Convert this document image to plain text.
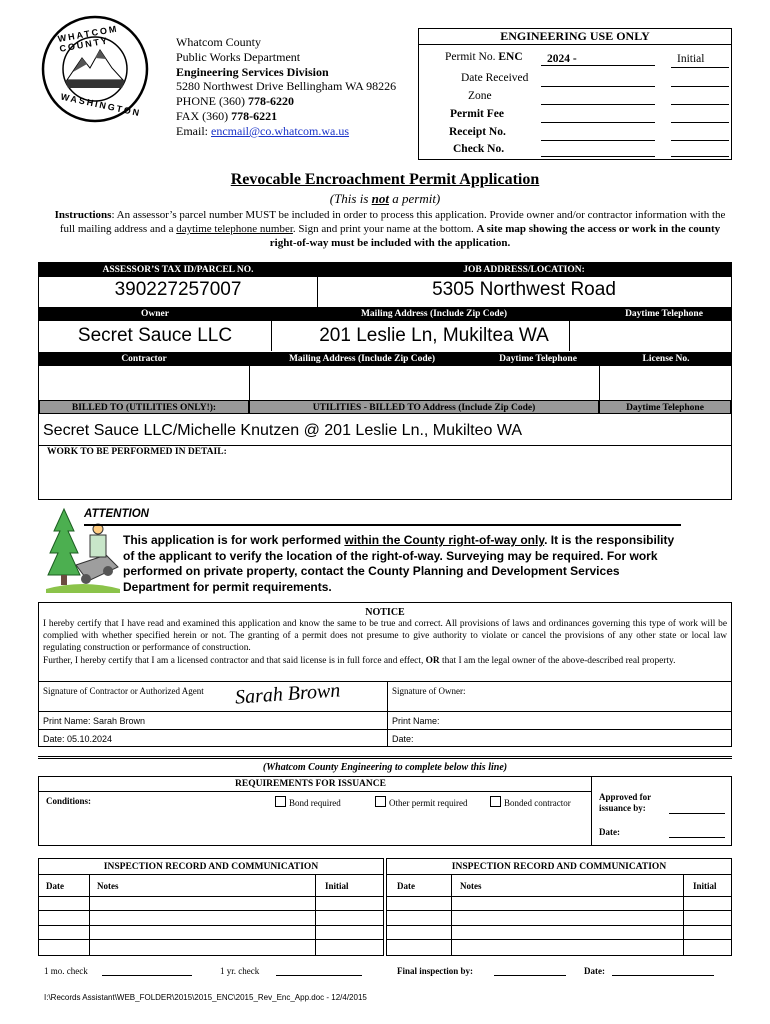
WHATCOM COUNTY
WASHINGTON
Whatcom County
Public Works Department
Engineering Services Division
5280 Northwest Drive Bellingham WA 98226
PHONE (360) 778-6220
FAX (360) 778-6221
Email: encmail@co.whatcom.wa.us
ENGINEERING USE ONLY
Permit No. ENC	2024 -	Initial
Date Received
Zone
Permit Fee
Receipt No.
Check No.
Revocable Encroachment Permit Application
(This is not a permit)
Instructions: An assessor’s parcel number MUST be included in order to process this application. Provide owner and/or contractor information with the full mailing address and a daytime telephone number. Sign and print your name at the bottom. A site map showing the access or work in the county right-of-way must be included with the application.
ASSESSOR’S TAX ID/PARCEL NO.	JOB ADDRESS/LOCATION:
390227257007	5305 Northwest Road
Owner	Mailing Address (Include Zip Code)	Daytime Telephone
Secret Sauce LLC	201 Leslie Ln, Mukiltea WA
Contractor	Mailing Address (Include Zip Code)	Daytime Telephone	License No.
BILLED TO (UTILITIES ONLY!):	UTILITIES - BILLED TO Address (Include Zip Code)	Daytime Telephone
Secret Sauce LLC/Michelle Knutzen @ 201 Leslie Ln., Mukilteo WA
WORK TO BE PERFORMED IN DETAIL:
ATTENTION
This application is for work performed within the County right-of-way only. It is the responsibility of the applicant to verify the location of the right-of-way. Surveying may be required. For work performed on private property, contact the County Planning and Development Services Department for permit requirements.
NOTICE
I hereby certify that I have read and examined this application and know the same to be true and correct. All provisions of laws and ordinances governing this type of work will be complied with whether specified herein or not. The granting of a permit does not presume to give authority to violate or cancel the provisions of any other state or local law regulating construction or performance of construction.
Further, I hereby certify that I am a licensed contractor and that said license is in full force and effect, OR that I am the legal owner of the above-described real property.
Signature of Contractor or Authorized Agent Sarah Brown	Signature of Owner:
Print Name: Sarah Brown	Print Name:
Date: 05.10.2024	Date:
(Whatcom County Engineering to complete below this line)
REQUIREMENTS FOR ISSUANCE
Conditions:	Bond required	Other permit required	Bonded contractor
Approved for issuance by:
Date:
INSPECTION RECORD AND COMMUNICATION
Date	Notes	Initial
INSPECTION RECORD AND COMMUNICATION
Date	Notes	Initial
1 mo. check	1 yr. check	Final inspection by:	Date:
I:\Records Assistant\WEB_FOLDER\2015\2015_ENC\2015_Rev_Enc_App.doc - 12/4/2015
